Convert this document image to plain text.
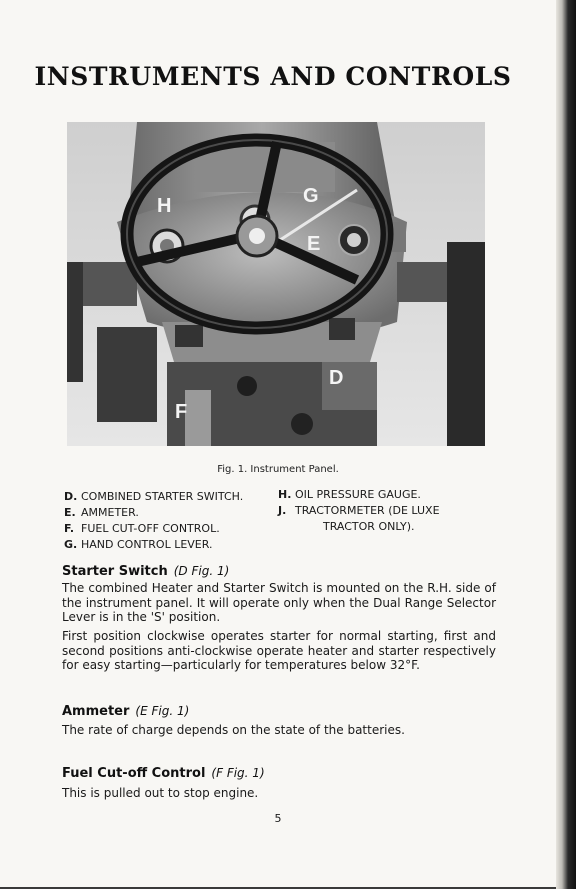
INSTRUMENTS AND CONTROLS
H	G
E
D
F
Fig. 1. Instrument Panel.
D. COMBINED STARTER SWITCH.
E. AMMETER.
F. FUEL CUT-OFF CONTROL.
G. HAND CONTROL LEVER.
H. OIL PRESSURE GAUGE.
J. TRACTORMETER (DE LUXE
TRACTOR ONLY).
Starter Switch (D Fig. 1)
The combined Heater and Starter Switch is mounted on the R.H. side of the instrument panel. It will operate only when the Dual Range Selector Lever is in the 'S' position.
First position clockwise operates starter for normal starting, first and second positions anti-clockwise operate heater and starter respectively for easy starting—particularly for temperatures below 32°F.
Ammeter (E Fig. 1)
The rate of charge depends on the state of the batteries.
Fuel Cut-off Control (F Fig. 1)
This is pulled out to stop engine.
5
